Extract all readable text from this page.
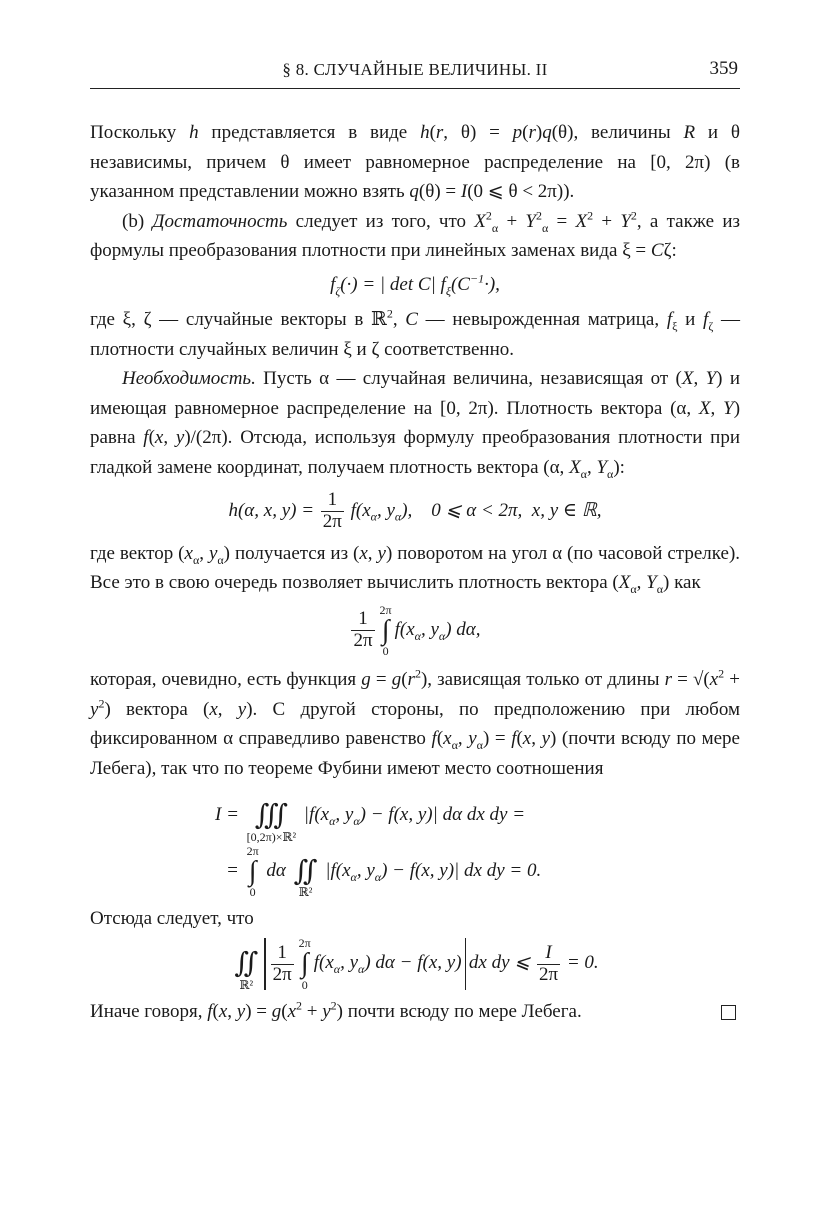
§ 8. СЛУЧАЙНЫЕ ВЕЛИЧИНЫ. II	359

Поскольку h представляется в виде h(r, θ) = p(r)q(θ), величины R и θ независимы, причем θ имеет равномерное распределение на [0, 2π) (в указанном представлении можно взять q(θ) = I(0 ⩽ θ < 2π)).

(b) Достаточность следует из того, что $X^2_\alpha + Y^2_\alpha = X^2 + Y^2$, а также из формулы преобразования плотности при линейных заменах вида ξ = Cζ:

$f_\zeta(\cdot)$ = | det C| $f_\xi(C^{-1}\cdot)$,

где ξ, ζ — случайные векторы в ℝ$^2$, C — невырожденная матрица, $f_\xi$ и $f_\zeta$ — плотности случайных величин ξ и ζ соответственно.

Необходимость. Пусть α — случайная величина, независящая от (X, Y) и имеющая равномерное распределение на [0, 2π). Плотность вектора (α, X, Y) равна f(x, y)/(2π). Отсюда, используя формулу преобразования плотности при гладкой замене координат, получаем плотность вектора (α, $X_\alpha$, $Y_\alpha$):

h(α, x, $y) = \frac{1}{2\pi} f(x_\alpha$, $y_\alpha$),    0 ⩽ α < 2π,  x, y ∈ ℝ,

где вектор ($x_\alpha$, $y_\alpha$) получается из (x, y) поворотом на угол α (по часовой стрелке). Все это в свою очередь позволяет вычислить плотность вектора ($X_\alpha$, $Y_\alpha$) как

$\frac{1}{2\pi} 2\pi$
∫
0
$f(x_\alpha$, $y_\alpha$) dα,

которая, очевидно, есть функция $g = g(r^2)$, зависящая только от длины $r = √(x^2 + y^2)$ вектора (x, y). С другой стороны, по предположению при любом фиксированном α справедливо равенство $f(x_\alpha$, $y_\alpha) = f(x$, y) (почти всюду по мере Лебега), так что по теореме Фубини имеют место соотношения

I =
∭
[0,2π)×ℝ²
$|f(x_\alpha$, $y_\alpha) - f(x$, y)| dα dx dy =

=
2π
∫
0
dα
∬
ℝ²
$|f(x_\alpha$, $y_\alpha) - f(x$, y)| dx dy = 0.

Отсюда следует, что

∬
ℝ² $\frac{1}{2\pi} 2\pi$
∫
0
$f(x_\alpha$, $y_\alpha$) dα − f(x, y) dx dy ⩽ $\frac{I}{2\pi} = 0$.

Иначе говоря, f(x, $y) = g(x^2 + y^2)$ почти всюду по мере Лебега.
